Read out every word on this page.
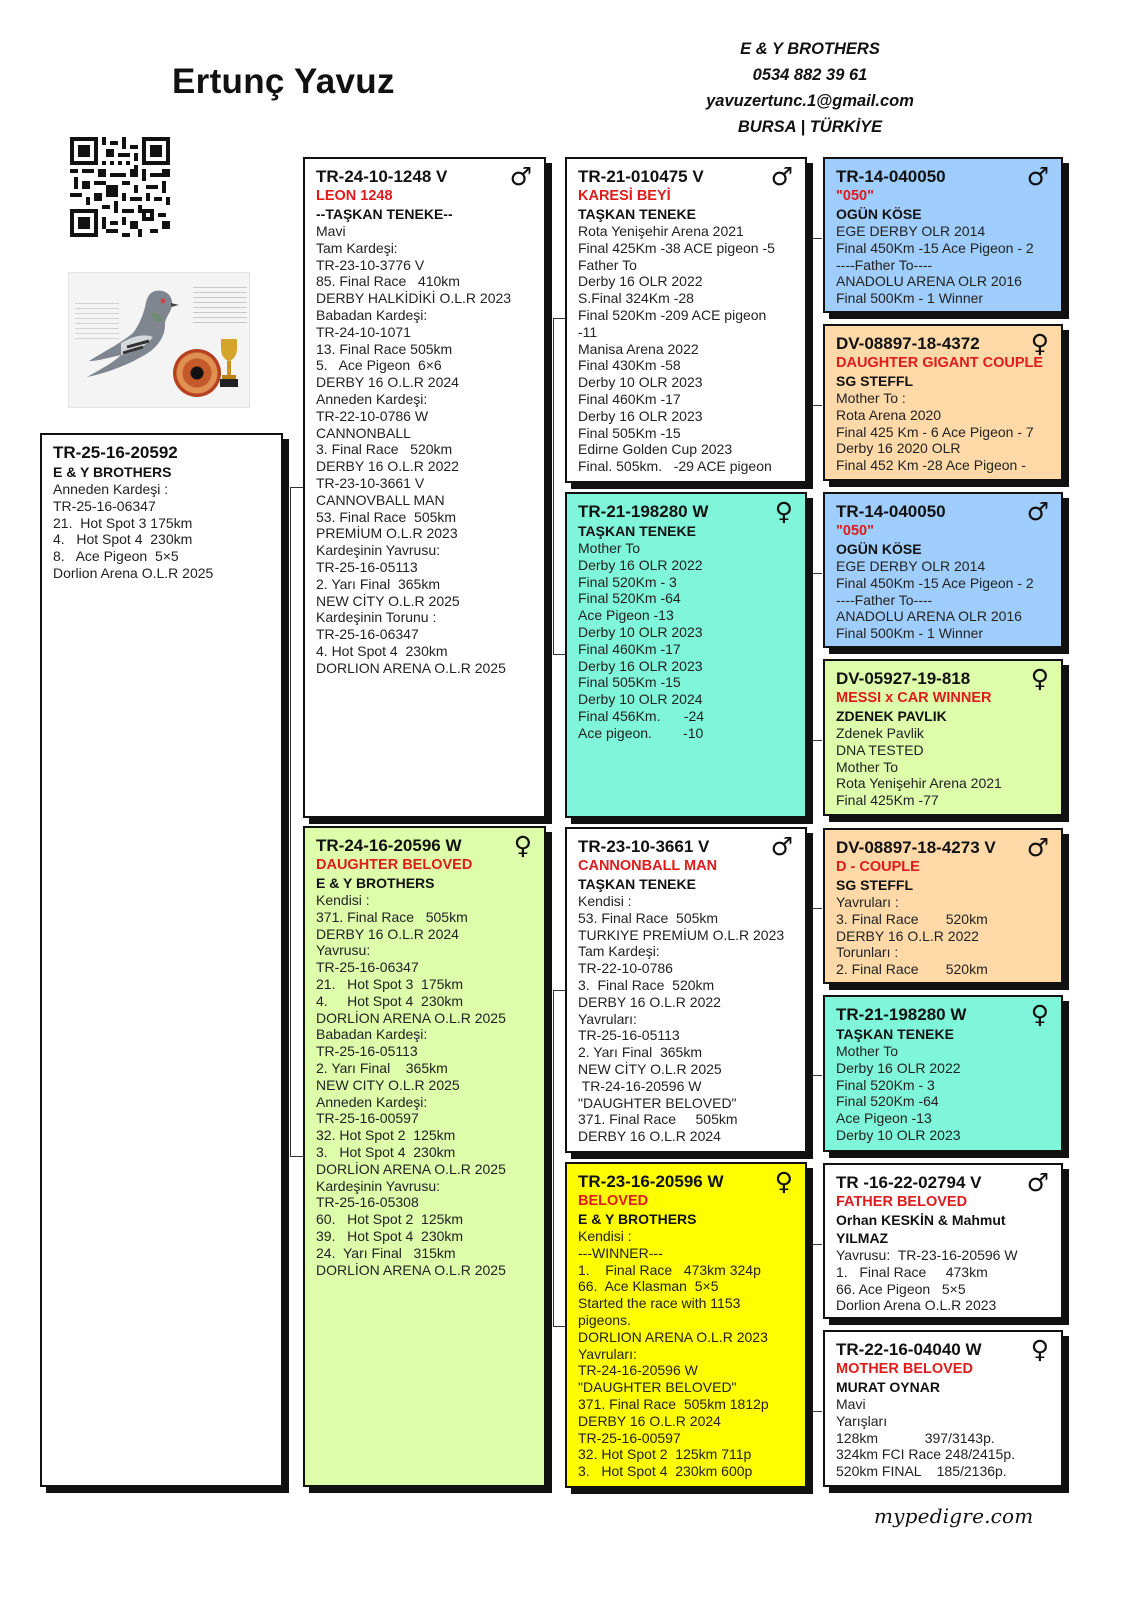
Ertunç Yavuz
E & Y BROTHERS
0534 882 39 61
yavuzertunc.1@gmail.com
BURSA | TÜRKİYE
TR-25-16-20592
E & Y BROTHERS
Anneden Kardeşi :
TR-25-16-06347
21.  Hot Spot 3 175km
4.   Hot Spot 4  230km
8.   Ace Pigeon  5×5
Dorlion Arena O.L.R 2025
♂
TR-24-10-1248 V
LEON 1248
--TAŞKAN TENEKE--
Mavi
Tam Kardeşi:
TR-23-10-3776 V
85. Final Race   410km
DERBY HALKİDİKİ O.L.R 2023
Babadan Kardeşi:
TR-24-10-1071
13. Final Race 505km
5.   Ace Pigeon  6×6
DERBY 16 O.L.R 2024
Anneden Kardeşi:
TR-22-10-0786 W
CANNONBALL
3. Final Race   520km
DERBY 16 O.L.R 2022
TR-23-10-3661 V
CANNOVBALL MAN
53. Final Race  505km
PREMİUM O.L.R 2023
Kardeşinin Yavrusu:
TR-25-16-05113
2. Yarı Final  365km
NEW CİTY O.L.R 2025
Kardeşinin Torunu :
TR-25-16-06347
4. Hot Spot 4  230km
DORLION ARENA O.L.R 2025
♀
TR-24-16-20596 W
DAUGHTER BELOVED
E & Y BROTHERS
Kendisi :
371. Final Race   505km
DERBY 16 O.L.R 2024
Yavrusu:
TR-25-16-06347
21.   Hot Spot 3  175km
4.     Hot Spot 4  230km
DORLİON ARENA O.L.R 2025
Babadan Kardeşi:
TR-25-16-05113
2. Yarı Final    365km
NEW CITY O.L.R 2025
Anneden Kardeşi:
TR-25-16-00597
32. Hot Spot 2  125km
3.   Hot Spot 4  230km
DORLİON ARENA O.L.R 2025
Kardeşinin Yavrusu:
TR-25-16-05308
60.   Hot Spot 2  125km
39.   Hot Spot 4  230km
24.  Yarı Final   315km
DORLİON ARENA O.L.R 2025
♂
TR-21-010475 V
KARESİ BEYİ
TAŞKAN TENEKE
Rota Yenişehir Arena 2021
Final 425Km -38 ACE pigeon -5
Father To
Derby 16 OLR 2022
S.Final 324Km -28
Final 520Km -209 ACE pigeon
-11
Manisa Arena 2022
Final 430Km -58
Derby 10 OLR 2023
Final 460Km -17
Derby 16 OLR 2023
Final 505Km -15
Edirne Golden Cup 2023
Final. 505km.   -29 ACE pigeon
♀
TR-21-198280 W
TAŞKAN TENEKE
Mother To
Derby 16 OLR 2022
Final 520Km - 3
Final 520Km -64
Ace Pigeon -13
Derby 10 OLR 2023
Final 460Km -17
Derby 16 OLR 2023
Final 505Km -15
Derby 10 OLR 2024
Final 456Km.      -24
Ace pigeon.        -10
♂
TR-23-10-3661 V
CANNONBALL MAN
TAŞKAN TENEKE
Kendisi :
53. Final Race  505km
TURKIYE PREMİUM O.L.R 2023
Tam Kardeşi:
TR-22-10-0786
3.  Final Race  520km
DERBY 16 O.L.R 2022
Yavruları:
TR-25-16-05113
2. Yarı Final  365km
NEW CİTY O.L.R 2025
TR-24-16-20596 W
"DAUGHTER BELOVED"
371. Final Race     505km
DERBY 16 O.L.R 2024
♀
TR-23-16-20596 W
BELOVED
E & Y BROTHERS
Kendisi :
---WINNER---
1.    Final Race   473km 324p
66.  Ace Klasman  5×5
Started the race with 1153
pigeons.
DORLION ARENA O.L.R 2023
Yavruları:
TR-24-16-20596 W
"DAUGHTER BELOVED"
371. Final Race  505km 1812p
DERBY 16 O.L.R 2024
TR-25-16-00597
32. Hot Spot 2  125km 711p
3.   Hot Spot 4  230km 600p
♂
TR-14-040050
"050"
OGÜN KÖSE
EGE DERBY OLR 2014
Final 450Km -15 Ace Pigeon - 2
----Father To----
ANADOLU ARENA OLR 2016
Final 500Km - 1 Winner
♀
DV-08897-18-4372
DAUGHTER GIGANT COUPLE
SG STEFFL
Mother To :
Rota Arena 2020
Final 425 Km - 6 Ace Pigeon - 7
Derby 16 2020 OLR
Final 452 Km -28 Ace Pigeon -
♂
TR-14-040050
"050"
OGÜN KÖSE
EGE DERBY OLR 2014
Final 450Km -15 Ace Pigeon - 2
----Father To----
ANADOLU ARENA OLR 2016
Final 500Km - 1 Winner
♀
DV-05927-19-818
MESSI x CAR WINNER
ZDENEK PAVLIK
Zdenek Pavlik
DNA TESTED
Mother To
Rota Yenişehir Arena 2021
Final 425Km -77
♂
DV-08897-18-4273 V
D - COUPLE
SG STEFFL
Yavruları :
3. Final Race       520km
DERBY 16 O.L.R 2022
Torunları :
2. Final Race       520km
♀
TR-21-198280 W
TAŞKAN TENEKE
Mother To
Derby 16 OLR 2022
Final 520Km - 3
Final 520Km -64
Ace Pigeon -13
Derby 10 OLR 2023
♂
TR -16-22-02794 V
FATHER BELOVED
Orhan KESKİN & Mahmut
YILMAZ
Yavrusu:  TR-23-16-20596 W
1.   Final Race     473km
66. Ace Pigeon   5×5
Dorlion Arena O.L.R 2023
♀
TR-22-16-04040 W
MOTHER BELOVED
MURAT OYNAR
Mavi
Yarışları
128km            397/3143p.
324km FCI Race 248/2415p.
520km FINAL    185/2136p.
mypedigre.com
